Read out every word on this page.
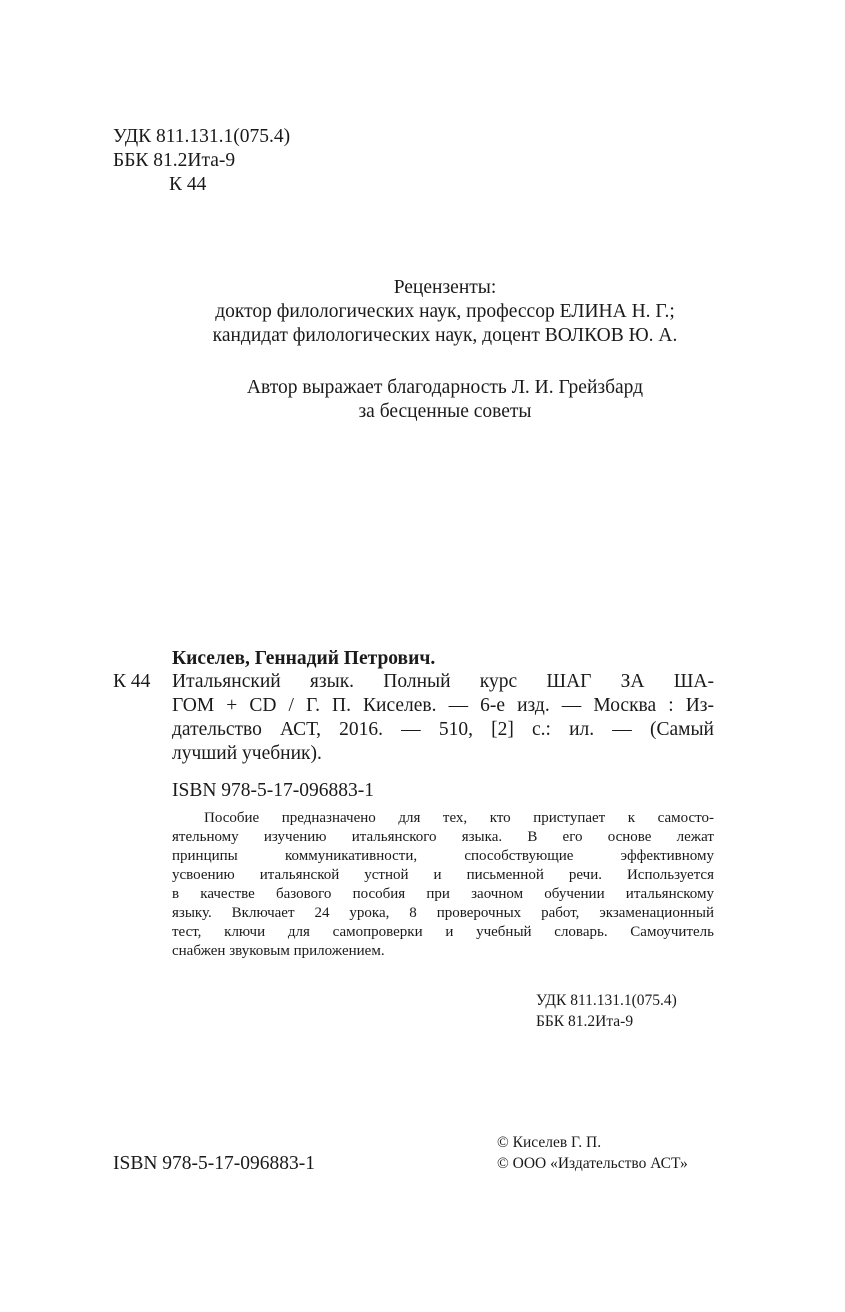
УДК 811.131.1(075.4)
ББК 81.2Ита-9
К 44
Рецензенты:
доктор филологических наук, профессор ЕЛИНА Н. Г.;
кандидат филологических наук, доцент ВОЛКОВ Ю. А.
Автор выражает благодарность Л. И. Грейзбард
за бесценные советы
Киселев, Геннадий Петрович.
К 44 Итальянский язык. Полный курс ШАГ ЗА ША-
ГОМ + CD / Г. П. Киселев. — 6-е изд. — Москва : Из-
дательство АСТ, 2016. — 510, [2] с.: ил. — (Самый
лучший учебник).
ISBN 978-5-17-096883-1
Пособие предназначено для тех, кто приступает к самосто-
ятельному изучению итальянского языка. В его основе лежат
принципы коммуникативности, способствующие эффективному
усвоению итальянской устной и письменной речи. Используется
в качестве базового пособия при заочном обучении итальянскому
языку. Включает 24 урока, 8 проверочных работ, экзаменационный
тест, ключи для самопроверки и учебный словарь. Самоучитель
снабжен звуковым приложением.
УДК 811.131.1(075.4)
ББК 81.2Ита-9
© Киселев Г. П.
© ООО «Издательство АСТ»
ISBN 978-5-17-096883-1
